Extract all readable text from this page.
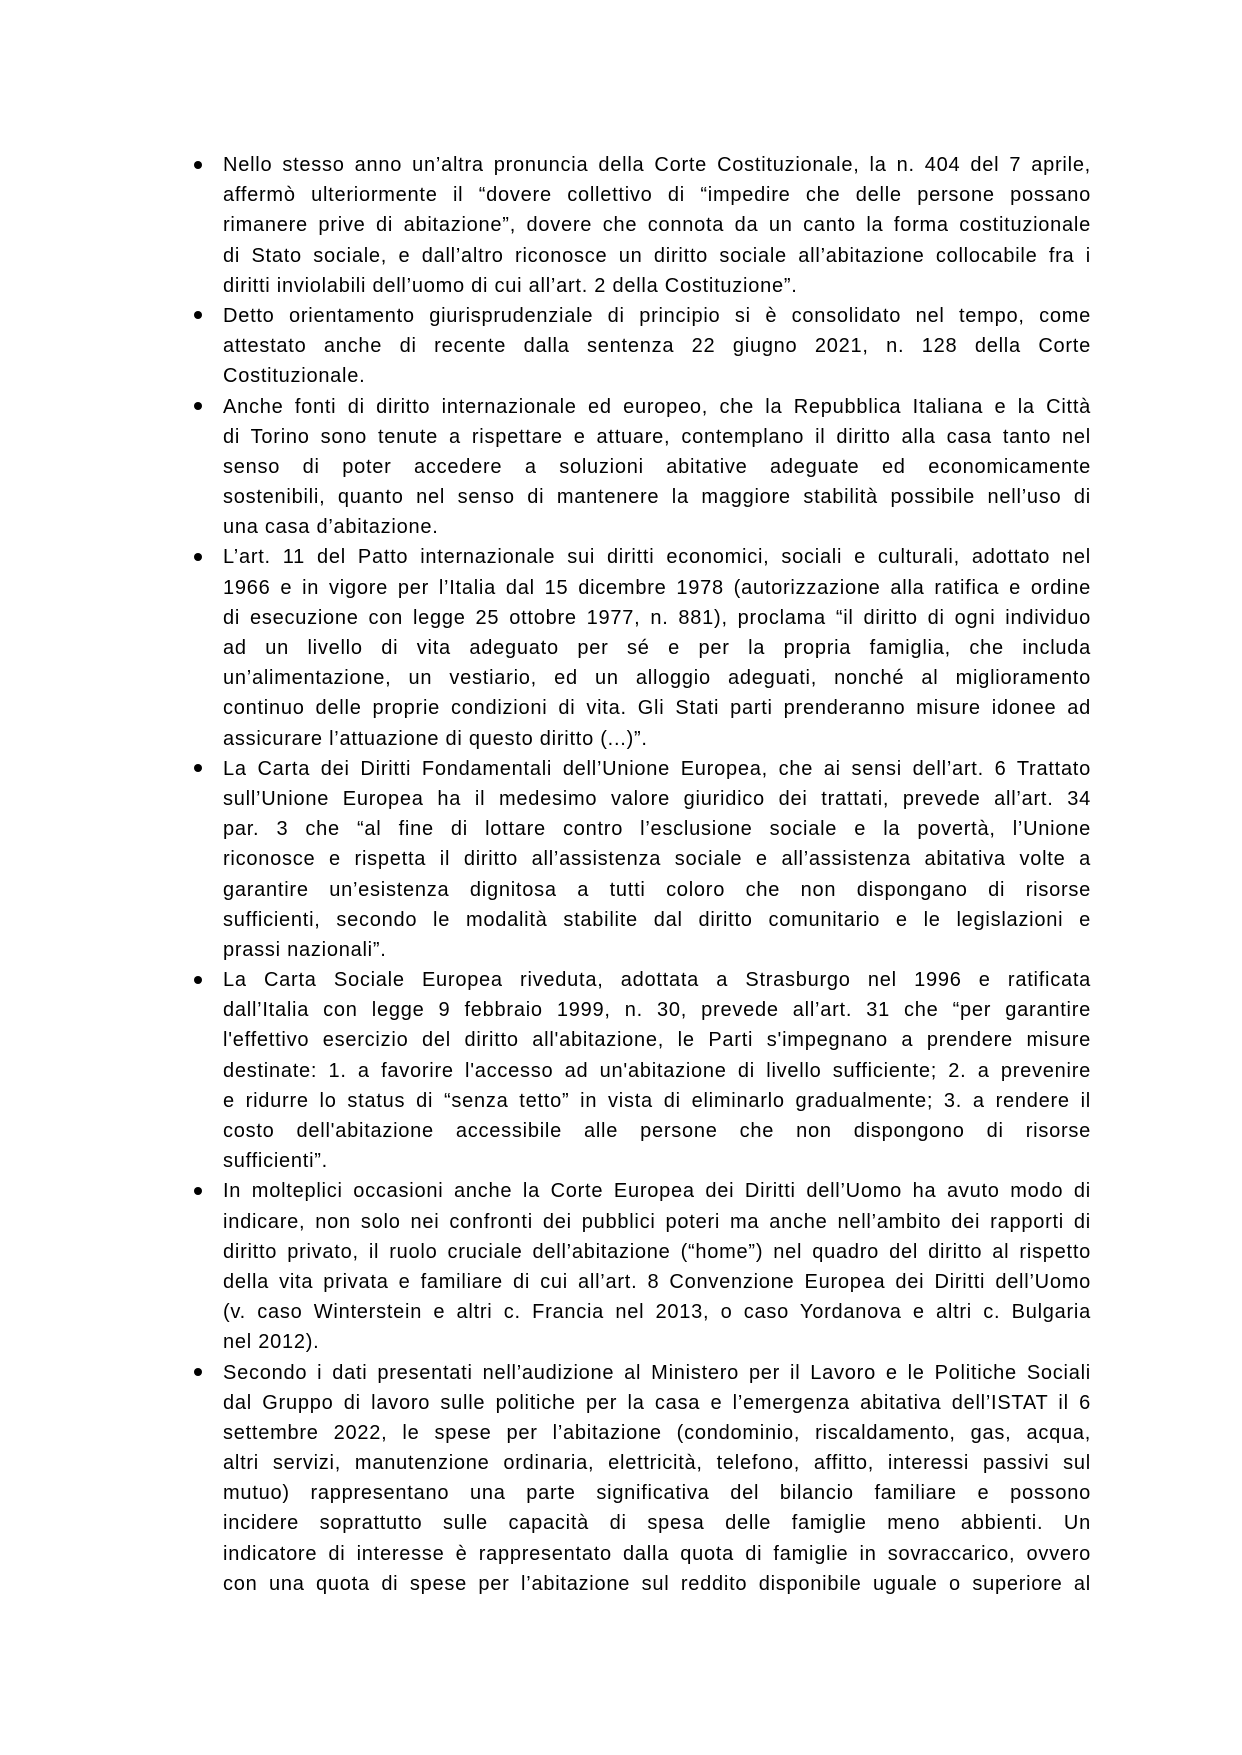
Nello stesso anno un’altra pronuncia della Corte Costituzionale, la n. 404 del 7 aprile,
affermò ulteriormente il “dovere collettivo di “impedire che delle persone possano
rimanere prive di abitazione”, dovere che connota da un canto la forma costituzionale
di Stato sociale, e dall’altro riconosce un diritto sociale all’abitazione collocabile fra i
diritti inviolabili dell’uomo di cui all’art. 2 della Costituzione”.
Detto orientamento giurisprudenziale di principio si è consolidato nel tempo, come
attestato anche di recente dalla sentenza 22 giugno 2021, n. 128 della Corte
Costituzionale.
Anche fonti di diritto internazionale ed europeo, che la Repubblica Italiana e la Città
di Torino sono tenute a rispettare e attuare, contemplano il diritto alla casa tanto nel
senso di poter accedere a soluzioni abitative adeguate ed economicamente
sostenibili, quanto nel senso di mantenere la maggiore stabilità possibile nell’uso di
una casa d’abitazione.
L’art. 11 del Patto internazionale sui diritti economici, sociali e culturali, adottato nel
1966 e in vigore per l’Italia dal 15 dicembre 1978 (autorizzazione alla ratifica e ordine
di esecuzione con legge 25 ottobre 1977, n. 881), proclama “il diritto di ogni individuo
ad un livello di vita adeguato per sé e per la propria famiglia, che includa
un’alimentazione, un vestiario, ed un alloggio adeguati, nonché al miglioramento
continuo delle proprie condizioni di vita. Gli Stati parti prenderanno misure idonee ad
assicurare l’attuazione di questo diritto (...)”.
La Carta dei Diritti Fondamentali dell’Unione Europea, che ai sensi dell’art. 6 Trattato
sull’Unione Europea ha il medesimo valore giuridico dei trattati, prevede all’art. 34
par. 3 che “al fine di lottare contro l’esclusione sociale e la povertà, l’Unione
riconosce e rispetta il diritto all’assistenza sociale e all’assistenza abitativa volte a
garantire un’esistenza dignitosa a tutti coloro che non dispongano di risorse
sufficienti, secondo le modalità stabilite dal diritto comunitario e le legislazioni e
prassi nazionali”.
La Carta Sociale Europea riveduta, adottata a Strasburgo nel 1996 e ratificata
dall’Italia con legge 9 febbraio 1999, n. 30, prevede all’art. 31 che “per garantire
l'effettivo esercizio del diritto all'abitazione, le Parti s'impegnano a prendere misure
destinate: 1. a favorire l'accesso ad un'abitazione di livello sufficiente; 2. a prevenire
e ridurre lo status di “senza tetto” in vista di eliminarlo gradualmente; 3. a rendere il
costo dell'abitazione accessibile alle persone che non dispongono di risorse
sufficienti”.
In molteplici occasioni anche la Corte Europea dei Diritti dell’Uomo ha avuto modo di
indicare, non solo nei confronti dei pubblici poteri ma anche nell’ambito dei rapporti di
diritto privato, il ruolo cruciale dell’abitazione (“home”) nel quadro del diritto al rispetto
della vita privata e familiare di cui all’art. 8 Convenzione Europea dei Diritti dell’Uomo
(v. caso Winterstein e altri c. Francia nel 2013, o caso Yordanova e altri c. Bulgaria
nel 2012).
Secondo i dati presentati nell’audizione al Ministero per il Lavoro e le Politiche Sociali
dal Gruppo di lavoro sulle politiche per la casa e l’emergenza abitativa dell’ISTAT il 6
settembre 2022, le spese per l’abitazione (condominio, riscaldamento, gas, acqua,
altri servizi, manutenzione ordinaria, elettricità, telefono, affitto, interessi passivi sul
mutuo) rappresentano una parte significativa del bilancio familiare e possono
incidere soprattutto sulle capacità di spesa delle famiglie meno abbienti. Un
indicatore di interesse è rappresentato dalla quota di famiglie in sovraccarico, ovvero
con una quota di spese per l’abitazione sul reddito disponibile uguale o superiore al
